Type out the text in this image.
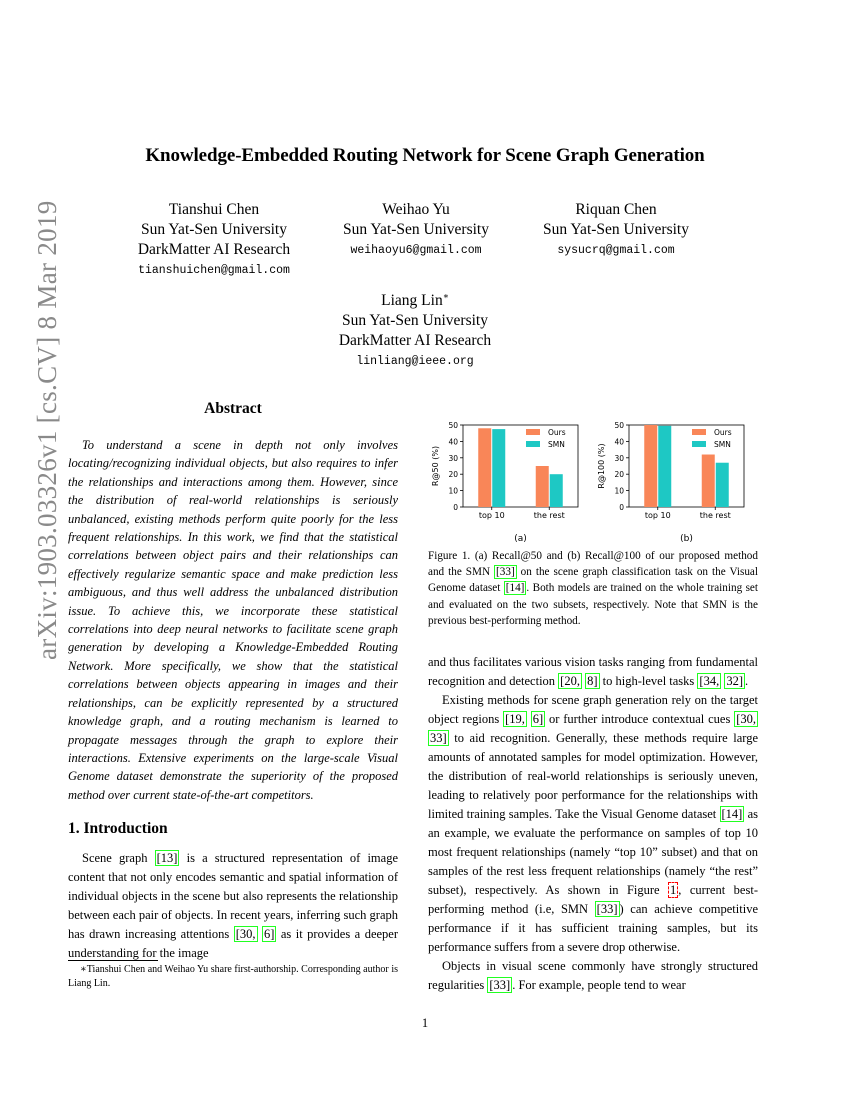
arXiv:1903.03326v1 [cs.CV] 8 Mar 2019
Knowledge-Embedded Routing Network for Scene Graph Generation
Tianshui Chen
Sun Yat-Sen University
DarkMatter AI Research
tianshuichen@gmail.com
Weihao Yu
Sun Yat-Sen University
weihaoyu6@gmail.com
Riquan Chen
Sun Yat-Sen University
sysucrq@gmail.com
Liang Lin∗
Sun Yat-Sen University
DarkMatter AI Research
linliang@ieee.org
Abstract

To understand a scene in depth not only involves locating/recognizing individual objects, but also requires to infer the relationships and interactions among them. However, since the distribution of real-world relationships is seriously unbalanced, existing methods perform quite poorly for the less frequent relationships. In this work, we find that the statistical correlations between object pairs and their relationships can effectively regularize semantic space and make prediction less ambiguous, and thus well address the unbalanced distribution issue. To achieve this, we incorporate these statistical correlations into deep neural networks to facilitate scene graph generation by developing a Knowledge-Embedded Routing Network. More specifically, we show that the statistical correlations between objects appearing in images and their relationships, can be explicitly represented by a structured knowledge graph, and a routing mechanism is learned to propagate messages through the graph to explore their interactions. Extensive experiments on the large-scale Visual Genome dataset demonstrate the superiority of the proposed method over current state-of-the-art competitors.

1. Introduction

Scene graph [13] is a structured representation of image content that not only encodes semantic and spatial information of individual objects in the scene but also represents the relationship between each pair of objects. In recent years, inferring such graph has drawn increasing attentions [30, 6] as it provides a deeper understanding for the image

∗Tianshui Chen and Weihao Yu share first-authorship. Corresponding author is Liang Lin.
0
10
20
30
40
50
R@50 (%)
top 10	the rest
Ours
SMN
(a)
0
10
20
30
40
50
R@100 (%)
top 10	the rest
Ours
SMN
(b)

Figure 1. (a) Recall@50 and (b) Recall@100 of our proposed method and the SMN [33] on the scene graph classification task on the Visual Genome dataset [14] . Both models are trained on the whole training set and evaluated on the two subsets, respectively. Note that SMN is the previous best-performing method.

and thus facilitates various vision tasks ranging from fundamental recognition and detection [20, 8] to high-level tasks [34, 32] .

Existing methods for scene graph generation rely on the target object regions [19, 6] or further introduce contextual cues [30, 33] to aid recognition. Generally, these methods require large amounts of annotated samples for model optimization. However, the distribution of real-world relationships is seriously uneven, leading to relatively poor performance for the relationships with limited training samples. Take the Visual Genome dataset [14] as an example, we evaluate the performance on samples of top 10 most frequent relationships (namely “top 10” subset) and that on samples of the rest less frequent relationships (namely “the rest” subset), respectively. As shown in Figure 1 , current best-performing method (i.e, SMN [33] ) can achieve competitive performance if it has sufficient training samples, but its performance suffers from a severe drop otherwise.

Objects in visual scene commonly have strongly structured regularities [33] . For example, people tend to wear

1
